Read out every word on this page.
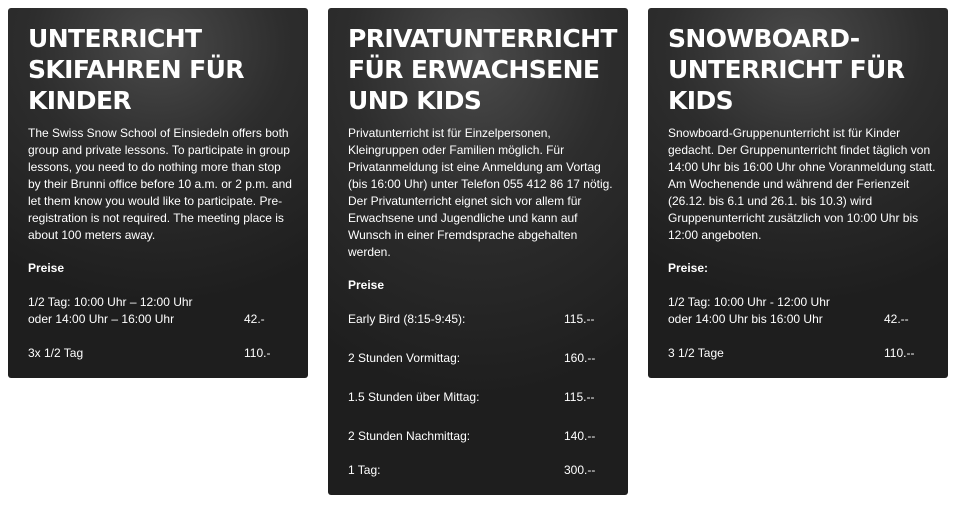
UNTERRICHT
SKIFAHREN FÜR
KINDER

The Swiss Snow School of Einsiedeln offers both group and private lessons. To participate in group lessons, you need to do nothing more than stop by their Brunni office before 10 a.m. or 2 p.m. and let them know you would like to participate. Pre-registration is not required. The meeting place is about 100 meters away.

Preise
1/2 Tag: 10:00 Uhr – 12:00 Uhr
oder 14:00 Uhr – 16:00 Uhr	42.-
3x 1/2 Tag	110.-
PRIVATUNTERRICHT
FÜR ERWACHSENE
UND KIDS

Privatunterricht ist für Einzelpersonen, Kleingruppen oder Familien möglich. Für Privatanmeldung ist eine Anmeldung am Vortag (bis 16:00 Uhr) unter Telefon 055 412 86 17 nötig. Der Privatunterricht eignet sich vor allem für Erwachsene und Jugendliche und kann auf Wunsch in einer Fremdsprache abgehalten werden.

Preise
Early Bird (8:15-9:45):	115.--
2 Stunden Vormittag:	160.--
1.5 Stunden über Mittag:	115.--
2 Stunden Nachmittag:	140.--
1 Tag:	300.--
SNOWBOARD-
UNTERRICHT FÜR
KIDS

Snowboard-Gruppenunterricht ist für Kinder gedacht. Der Gruppenunterricht findet täglich von 14:00 Uhr bis 16:00 Uhr ohne Voranmeldung statt. Am Wochenende und während der Ferienzeit (26.12. bis 6.1 und 26.1. bis 10.3) wird Gruppenunterricht zusätzlich von 10:00 Uhr bis 12:00 angeboten.

Preise:
1/2 Tag: 10:00 Uhr - 12:00 Uhr
oder 14:00 Uhr bis 16:00 Uhr	42.--
3 1/2 Tage	110.--
